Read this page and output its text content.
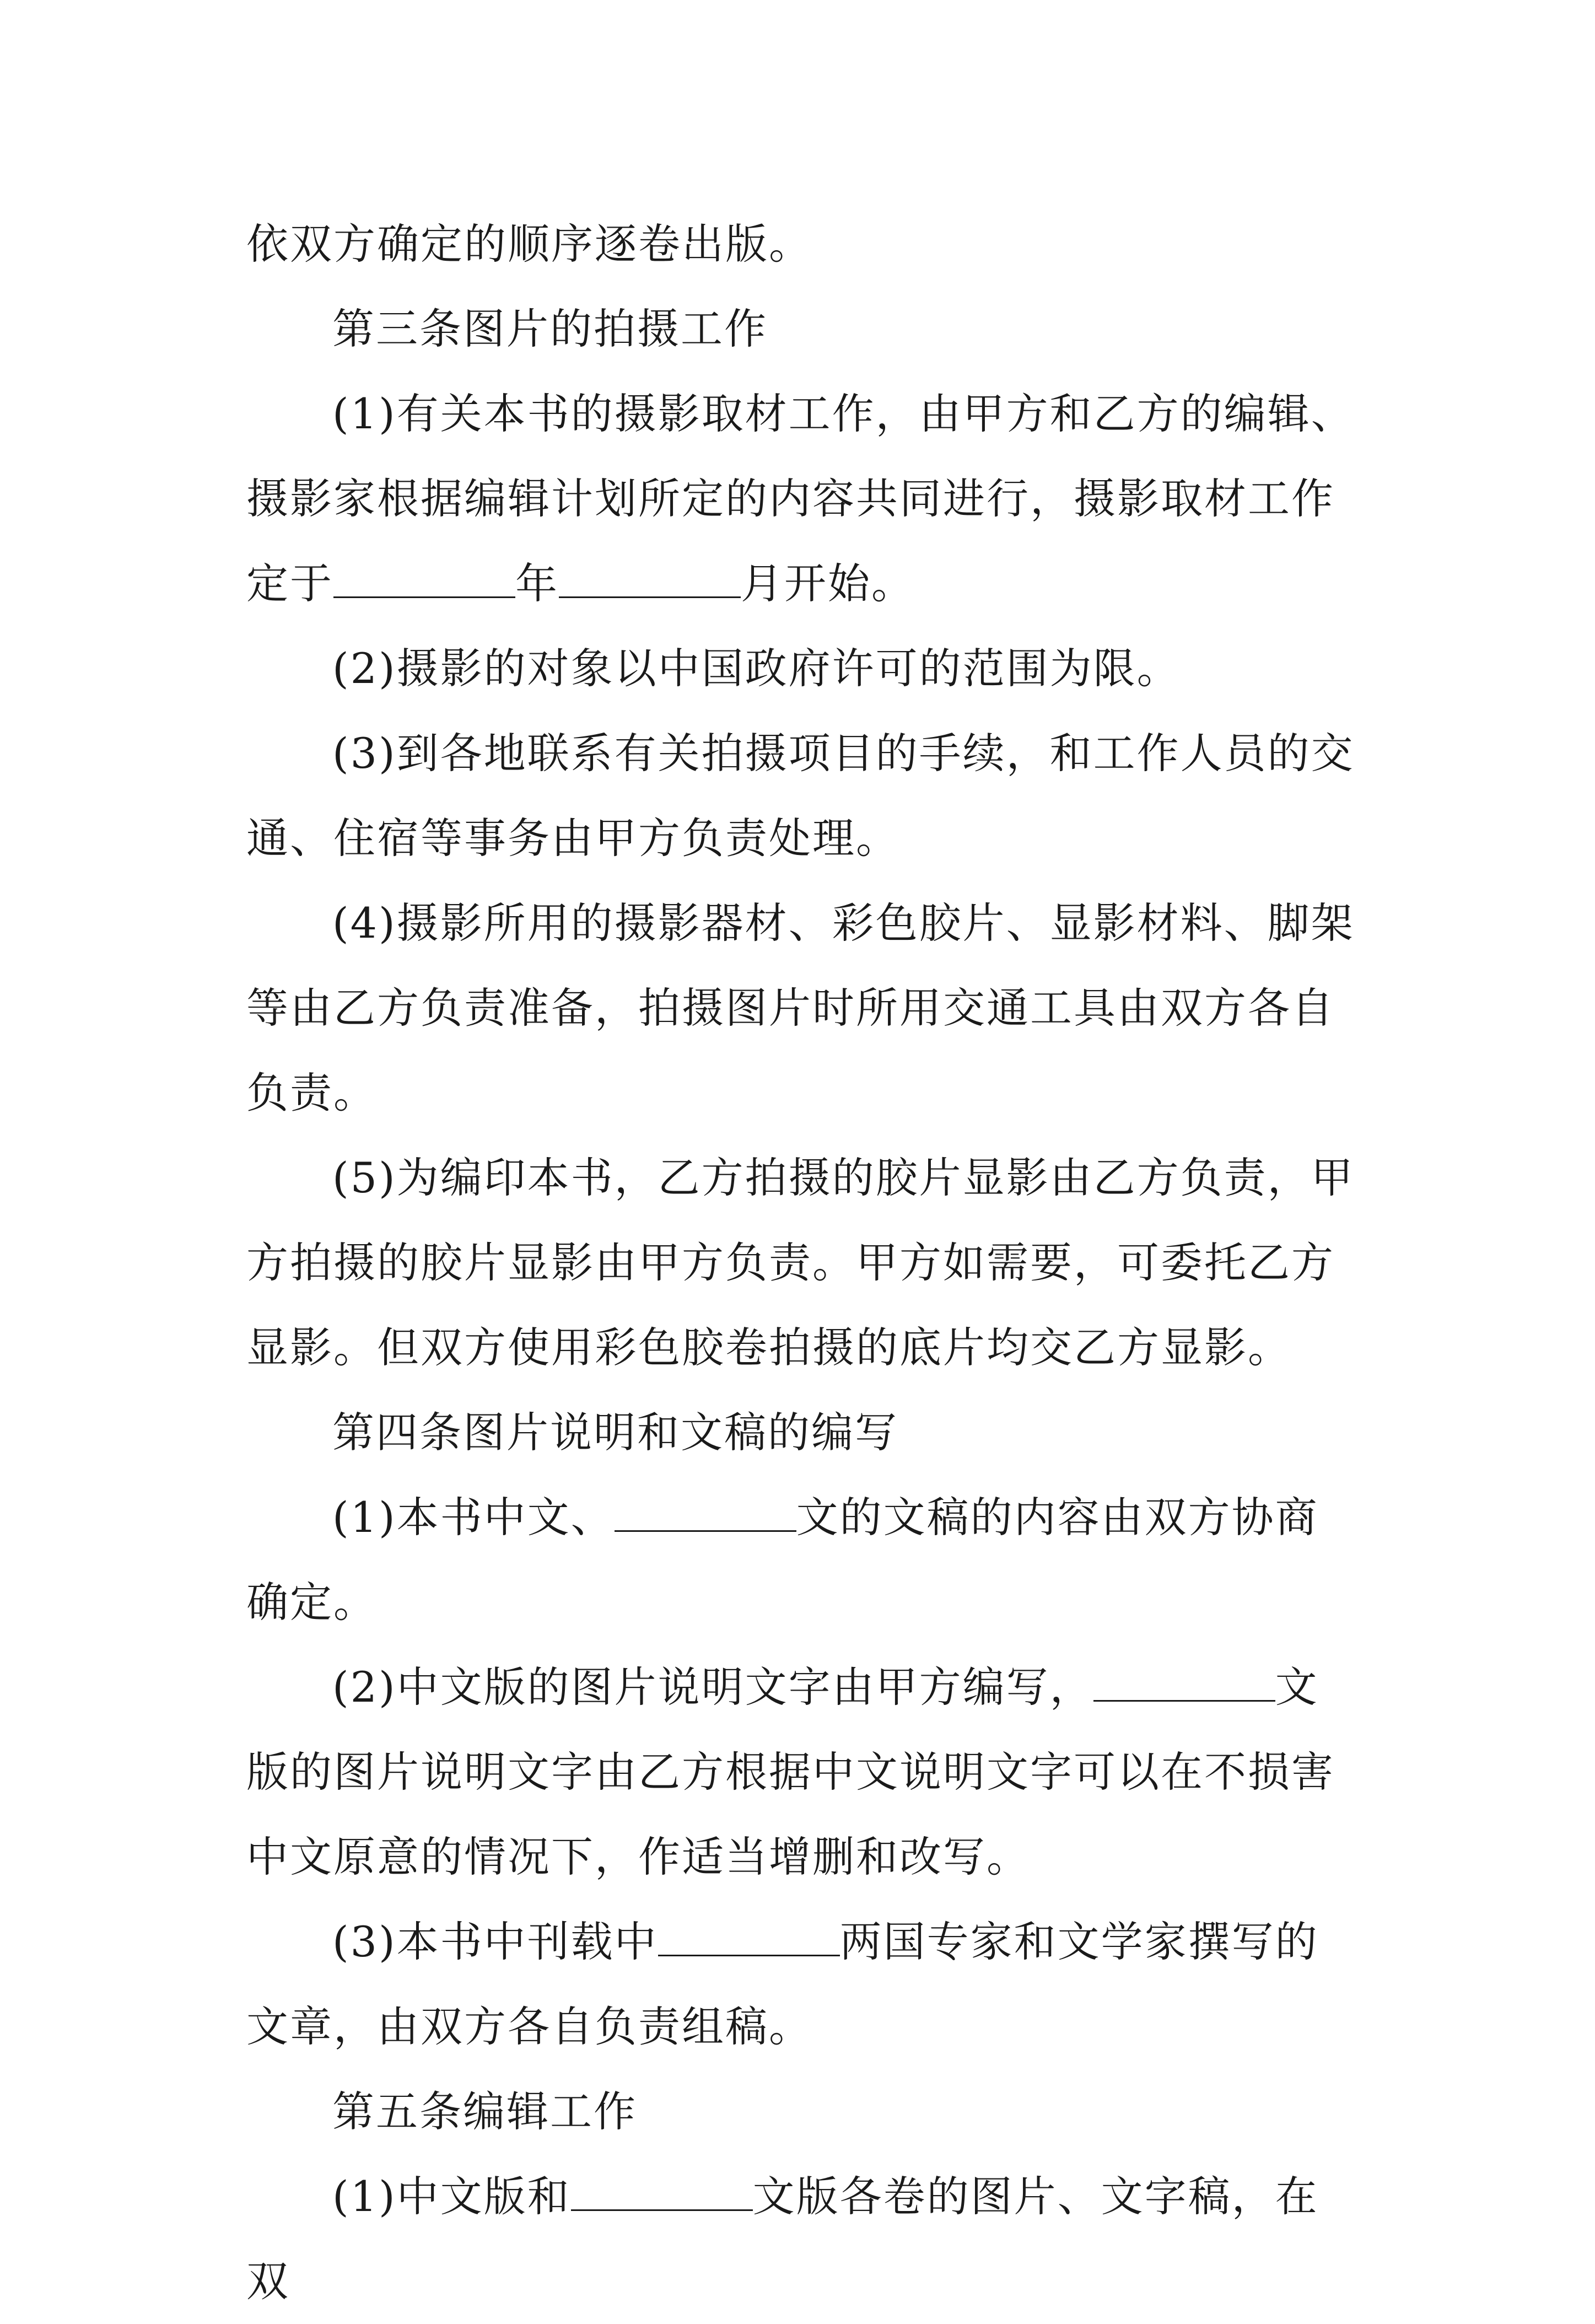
依双方确定的顺序逐卷出版。

第三条图片的拍摄工作

(1)有关本书的摄影取材工作，由甲方和乙方的编辑、摄影家根据编辑计划所定的内容共同进行，摄影取材工作定于	年	月开始。

(2)摄影的对象以中国政府许可的范围为限。

(3)到各地联系有关拍摄项目的手续，和工作人员的交通、住宿等事务由甲方负责处理。

(4)摄影所用的摄影器材、彩色胶片、显影材料、脚架等由乙方负责准备，拍摄图片时所用交通工具由双方各自负责。

(5)为编印本书，乙方拍摄的胶片显影由乙方负责，甲方拍摄的胶片显影由甲方负责。甲方如需要，可委托乙方显影。但双方使用彩色胶卷拍摄的底片均交乙方显影。

第四条图片说明和文稿的编写

(1)本书中文、	文的文稿的内容由双方协商确定。

(2)中文版的图片说明文字由甲方编写，	文版的图片说明文字由乙方根据中文说明文字可以在不损害中文原意的情况下，作适当增删和改写。

(3)本书中刊载中	两国专家和文学家撰写的文章，由双方各自负责组稿。

第五条编辑工作

(1)中文版和	文版各卷的图片、文字稿，在双
